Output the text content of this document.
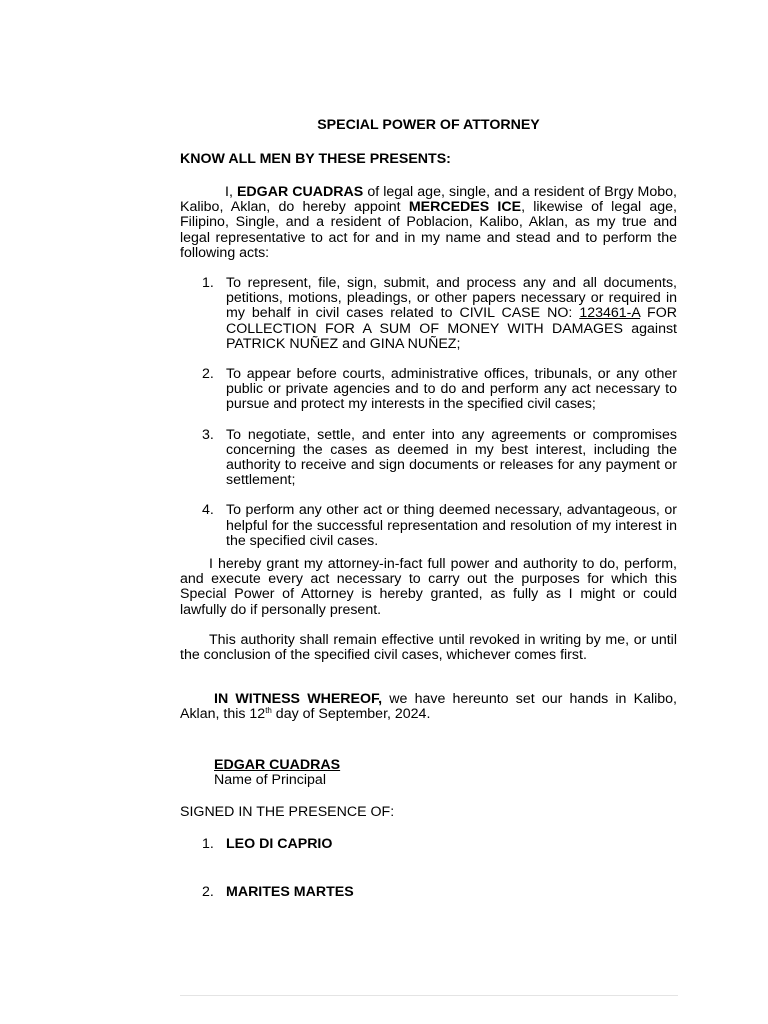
SPECIAL POWER OF ATTORNEY
KNOW ALL MEN BY THESE PRESENTS:

I, EDGAR CUADRAS of legal age, single, and a resident of Brgy Mobo, Kalibo, Aklan, do hereby appoint MERCEDES ICE, likewise of legal age, Filipino, Single, and a resident of Poblacion, Kalibo, Aklan, as my true and legal representative to act for and in my name and stead and to perform the following acts:

1. To represent, file, sign, submit, and process any and all documents, petitions, motions, pleadings, or other papers necessary or required in my behalf in civil cases related to CIVIL CASE NO: 123461-A FOR COLLECTION FOR A SUM OF MONEY WITH DAMAGES against PATRICK NUÑEZ and GINA NUÑEZ;
2. To appear before courts, administrative offices, tribunals, or any other public or private agencies and to do and perform any act necessary to pursue and protect my interests in the specified civil cases;
3. To negotiate, settle, and enter into any agreements or compromises concerning the cases as deemed in my best interest, including the authority to receive and sign documents or releases for any payment or settlement;
4. To perform any other act or thing deemed necessary, advantageous, or helpful for the successful representation and resolution of my interest in the specified civil cases.

I hereby grant my attorney-in-fact full power and authority to do, perform, and execute every act necessary to carry out the purposes for which this Special Power of Attorney is hereby granted, as fully as I might or could lawfully do if personally present.

This authority shall remain effective until revoked in writing by me, or until the conclusion of the specified civil cases, whichever comes first.

IN WITNESS WHEREOF, we have hereunto set our hands in Kalibo, Aklan, this 12th day of September, 2024.

EDGAR CUADRAS
Name of Principal
SIGNED IN THE PRESENCE OF:
1. LEO DI CAPRIO
2. MARITES MARTES
